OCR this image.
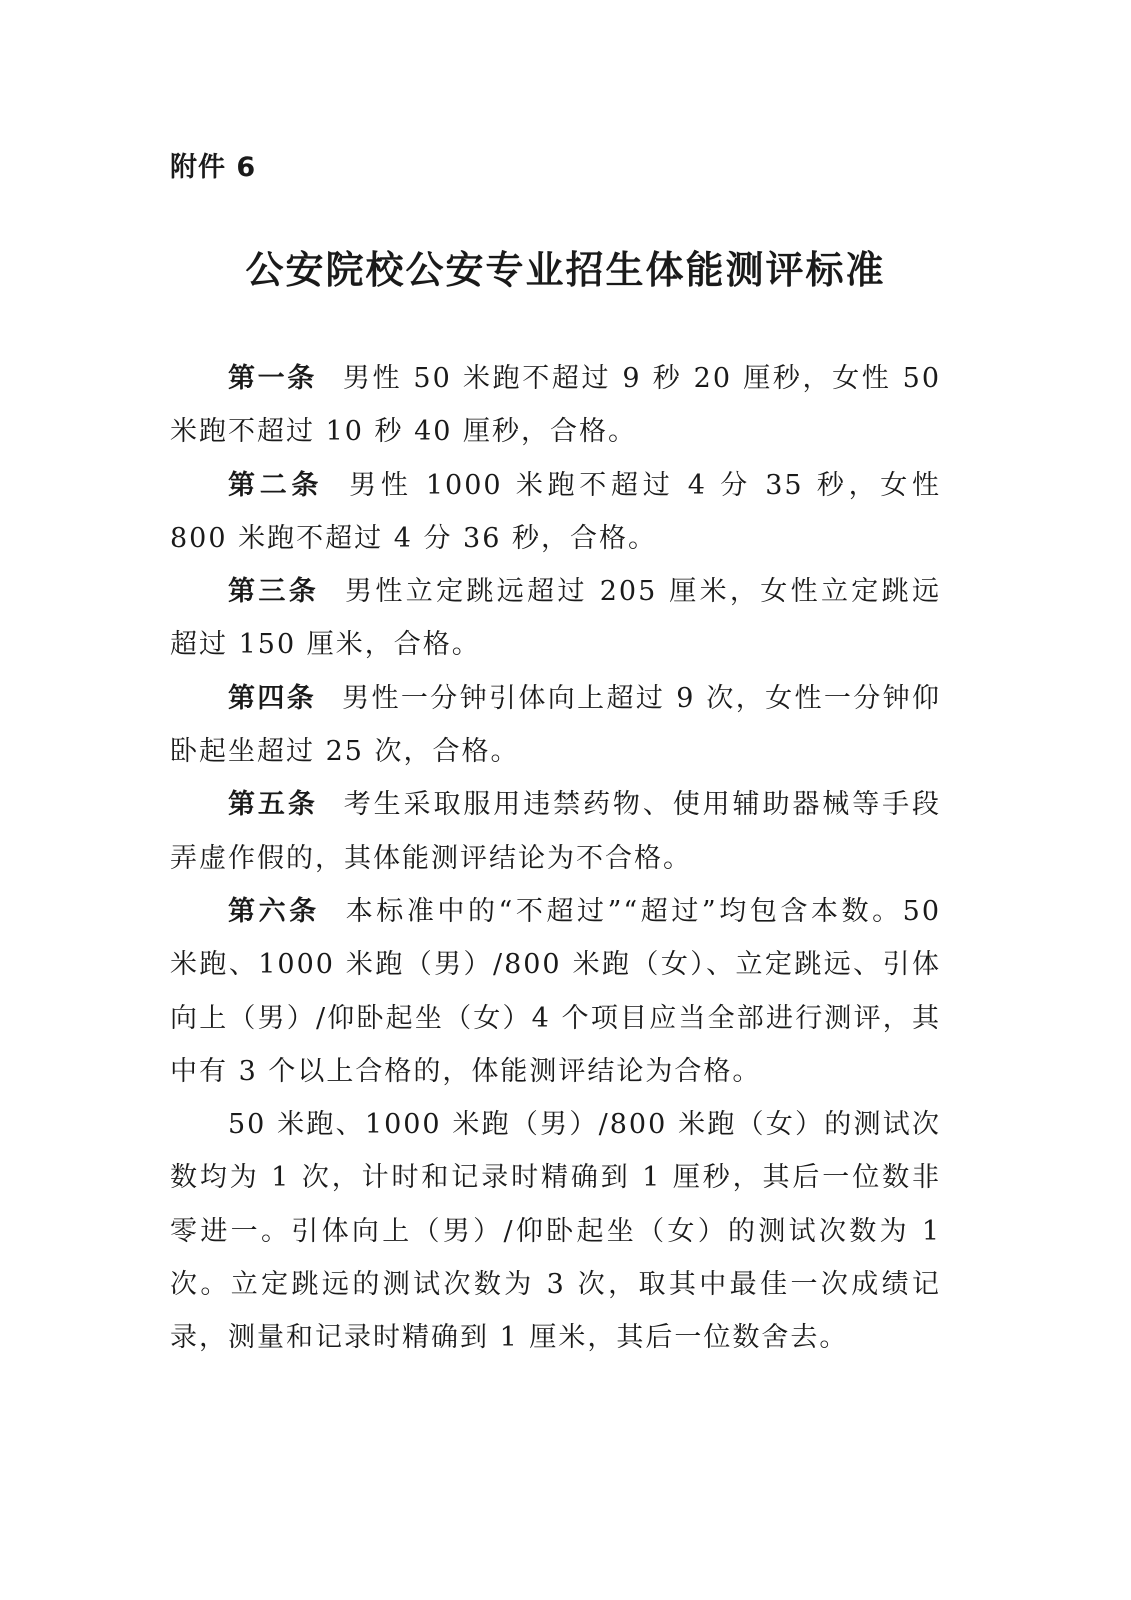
附件 6
公安院校公安专业招生体能测评标准

第一条 男性 50 米跑不超过 9 秒 20 厘秒，女性 50 米跑不超过 10 秒 40 厘秒，合格。

第二条 男性 1000 米跑不超过 4 分 35 秒，女性 800 米跑不超过 4 分 36 秒，合格。

第三条 男性立定跳远超过 205 厘米，女性立定跳远超过 150 厘米，合格。

第四条 男性一分钟引体向上超过 9 次，女性一分钟仰卧起坐超过 25 次，合格。

第五条 考生采取服用违禁药物、使用辅助器械等手段弄虚作假的，其体能测评结论为不合格。

第六条 本标准中的“不超过”“超过”均包含本数。50 米跑、1000 米跑（男）/800 米跑（女）、立定跳远、引体向上（男）/仰卧起坐（女）4 个项目应当全部进行测评，其中有 3 个以上合格的，体能测评结论为合格。

50 米跑、1000 米跑（男）/800 米跑（女）的测试次数均为 1 次，计时和记录时精确到 1 厘秒，其后一位数非零进一。引体向上（男）/仰卧起坐（女）的测试次数为 1 次。立定跳远的测试次数为 3 次，取其中最佳一次成绩记录，测量和记录时精确到 1 厘米，其后一位数舍去。
